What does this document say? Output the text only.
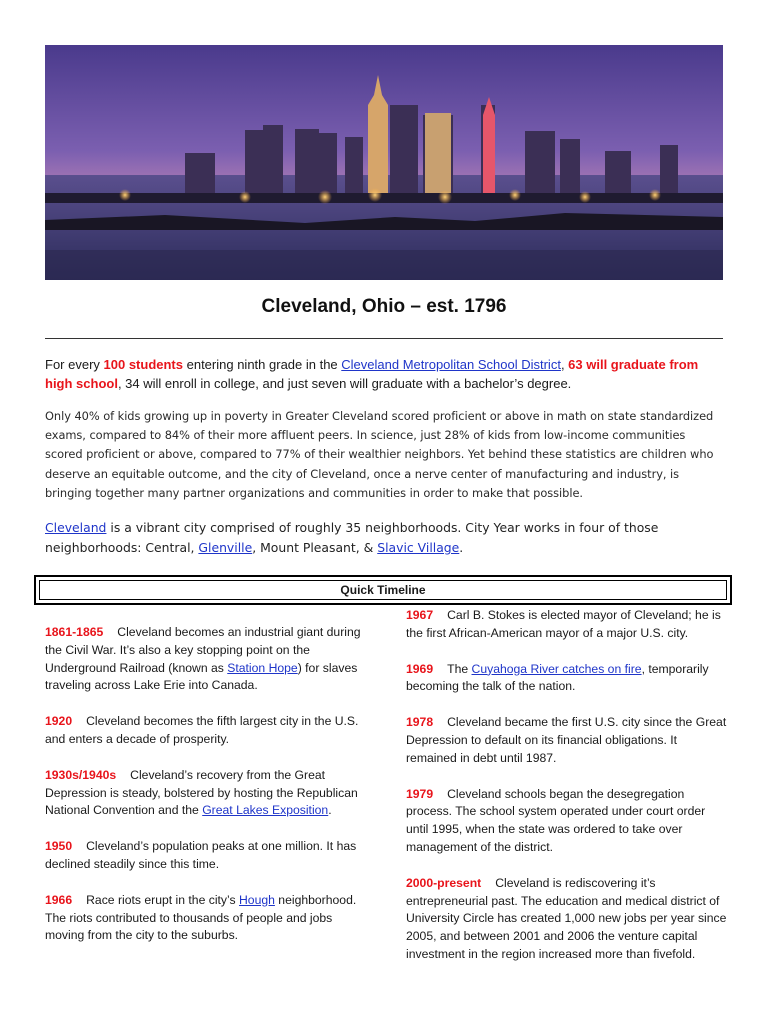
Cleveland, Ohio – est. 1796
For every 100 students entering ninth grade in the Cleveland Metropolitan School District, 63 will graduate from high school, 34 will enroll in college, and just seven will graduate with a bachelor’s degree.
Only 40% of kids growing up in poverty in Greater Cleveland scored proficient or above in math on state standardized exams, compared to 84% of their more affluent peers. In science, just 28% of kids from low-income communities scored proficient or above, compared to 77% of their wealthier neighbors. Yet behind these statistics are children who deserve an equitable outcome, and the city of Cleveland, once a nerve center of manufacturing and industry, is bringing together many partner organizations and communities in order to make that possible.
Cleveland is a vibrant city comprised of roughly 35 neighborhoods. City Year works in four of those neighborhoods: Central, Glenville, Mount Pleasant, & Slavic Village.
Quick Timeline
1861-1865 Cleveland becomes an industrial giant during the Civil War. It’s also a key stopping point on the Underground Railroad (known as Station Hope) for slaves traveling across Lake Erie into Canada.
1920 Cleveland becomes the fifth largest city in the U.S. and enters a decade of prosperity.
1930s/1940s Cleveland’s recovery from the Great Depression is steady, bolstered by hosting the Republican National Convention and the Great Lakes Exposition.
1950 Cleveland’s population peaks at one million. It has declined steadily since this time.
1966 Race riots erupt in the city’s Hough neighborhood. The riots contributed to thousands of people and jobs moving from the city to the suburbs.
1967 Carl B. Stokes is elected mayor of Cleveland; he is the first African-American mayor of a major U.S. city.
1969 The Cuyahoga River catches on fire, temporarily becoming the talk of the nation.
1978 Cleveland became the first U.S. city since the Great Depression to default on its financial obligations. It remained in debt until 1987.
1979 Cleveland schools began the desegregation process. The school system operated under court order until 1995, when the state was ordered to take over management of the district.
2000-present Cleveland is rediscovering it’s entrepreneurial past. The education and medical district of University Circle has created 1,000 new jobs per year since 2005, and between 2001 and 2006 the venture capital investment in the region increased more than fivefold.
